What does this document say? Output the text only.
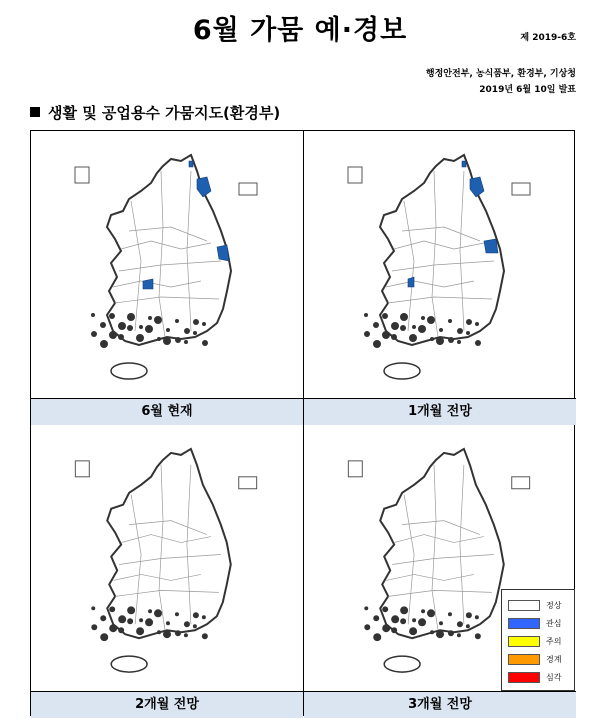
6월 가뭄 예·경보	제 2019-6호
행정안전부, 농식품부, 환경부, 기상청
2019년 6월 10일 발표
생활 및 공업용수 가뭄지도(환경부)
6월 현재	1개월 전망
2개월 전망	3개월 전망
정상
관심
주의
경계
심각
